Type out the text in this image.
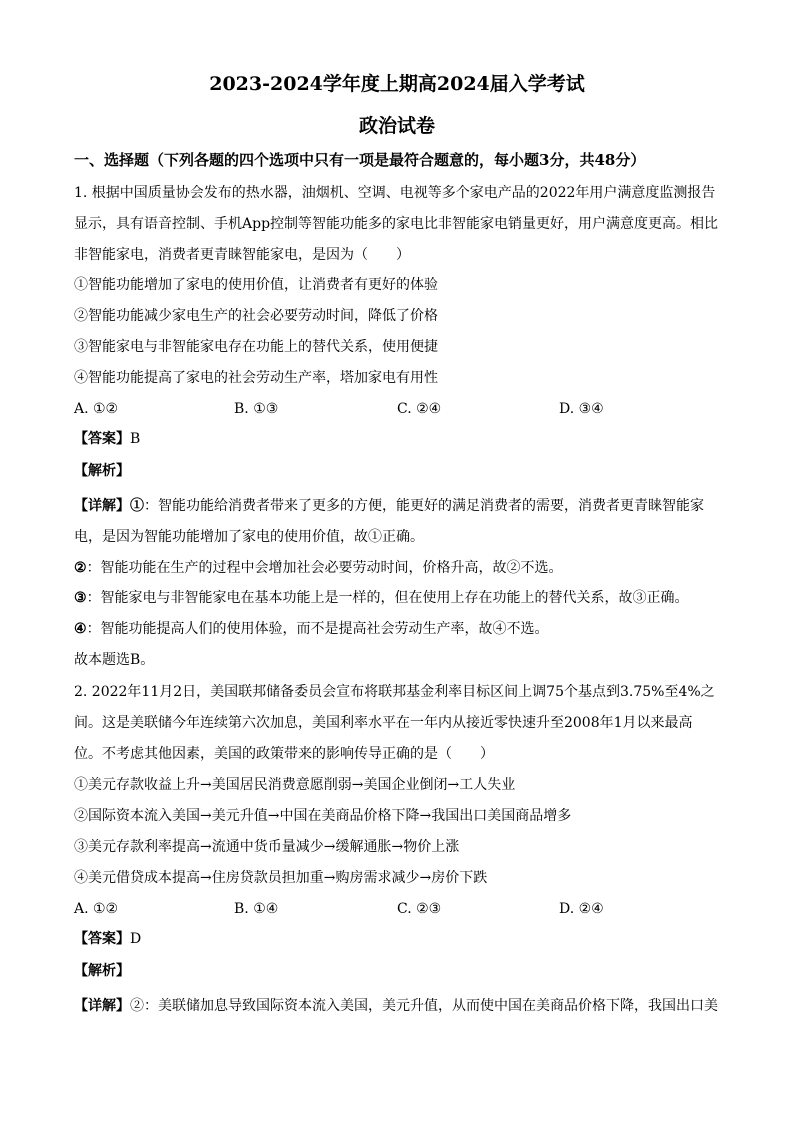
2023-2024学年度上期高2024届入学考试
政治试卷
一、选择题（下列各题的四个选项中只有一项是最符合题意的，每小题3分，共48分）
1. 根据中国质量协会发布的热水器，油烟机、空调、电视等多个家电产品的2022年用户满意度监测报告
显示，具有语音控制、手机App控制等智能功能多的家电比非智能家电销量更好，用户满意度更高。相比
非智能家电，消费者更青睐智能家电，是因为（　　）
①智能功能增加了家电的使用价值，让消费者有更好的体验
②智能功能减少家电生产的社会必要劳动时间，降低了价格
③智能家电与非智能家电存在功能上的替代关系，使用便捷
④智能功能提高了家电的社会劳动生产率，塔加家电有用性
A. ①②	B. ①③	C. ②④	D. ③④
【答案】B
【解析】
【详解】①：智能功能给消费者带来了更多的方便，能更好的满足消费者的需要，消费者更青睐智能家
电，是因为智能功能增加了家电的使用价值，故①正确。
②：智能功能在生产的过程中会增加社会必要劳动时间，价格升高，故②不选。
③：智能家电与非智能家电在基本功能上是一样的，但在使用上存在功能上的替代关系，故③正确。
④：智能功能提高人们的使用体验，而不是提高社会劳动生产率，故④不选。
故本题选B。
2. 2022年11月2日，美国联邦储备委员会宣布将联邦基金利率目标区间上调75个基点到3.75%至4%之
间。这是美联储今年连续第六次加息，美国利率水平在一年内从接近零快速升至2008年1月以来最高
位。不考虑其他因素，美国的政策带来的影响传导正确的是（　　）
①美元存款收益上升→美国居民消费意愿削弱→美国企业倒闭→工人失业
②国际资本流入美国→美元升值→中国在美商品价格下降→我国出口美国商品增多
③美元存款利率提高→流通中货币量减少→缓解通胀→物价上涨
④美元借贷成本提高→住房贷款员担加重→购房需求减少→房价下跌
A. ①②	B. ①④	C. ②③	D. ②④
【答案】D
【解析】
【详解】②：美联储加息导致国际资本流入美国，美元升值，从而使中国在美商品价格下降，我国出口美
